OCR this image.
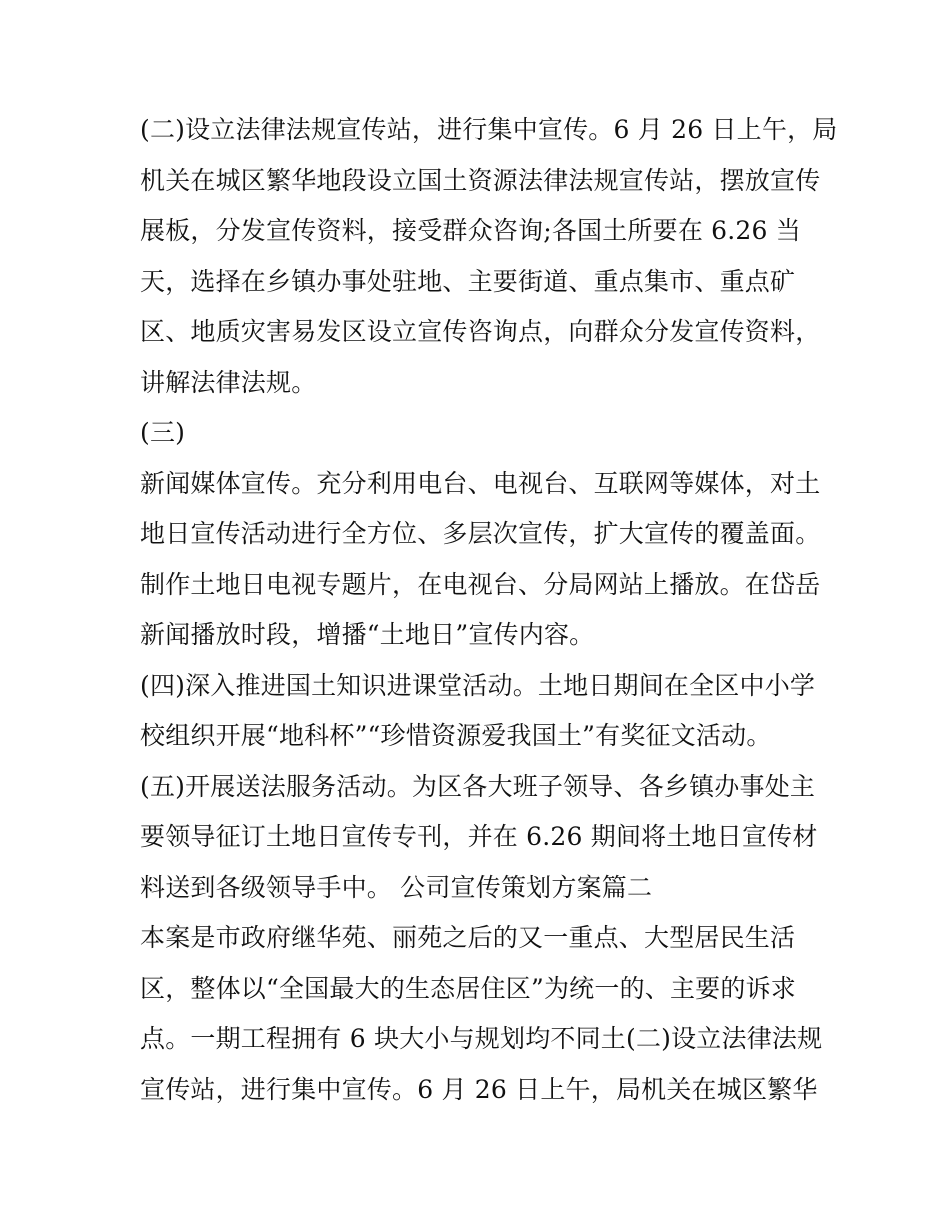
(二)设立法律法规宣传站，进行集中宣传。6 月 26 日上午，局
机关在城区繁华地段设立国土资源法律法规宣传站，摆放宣传
展板，分发宣传资料，接受群众咨询;各国土所要在 6.26 当
天，选择在乡镇办事处驻地、主要街道、重点集市、重点矿
区、地质灾害易发区设立宣传咨询点，向群众分发宣传资料，
讲解法律法规。
(三)
新闻媒体宣传。充分利用电台、电视台、互联网等媒体，对土
地日宣传活动进行全方位、多层次宣传，扩大宣传的覆盖面。
制作土地日电视专题片，在电视台、分局网站上播放。在岱岳
新闻播放时段，增播“土地日”宣传内容。
(四)深入推进国土知识进课堂活动。土地日期间在全区中小学
校组织开展“地科杯”“珍惜资源爱我国土”有奖征文活动。
(五)开展送法服务活动。为区各大班子领导、各乡镇办事处主
要领导征订土地日宣传专刊，并在 6.26 期间将土地日宣传材
料送到各级领导手中。 公司宣传策划方案篇二
本案是市政府继华苑、丽苑之后的又一重点、大型居民生活
区，整体以“全国最大的生态居住区”为统一的、主要的诉求
点。一期工程拥有 6 块大小与规划均不同土(二)设立法律法规
宣传站，进行集中宣传。6 月 26 日上午，局机关在城区繁华
